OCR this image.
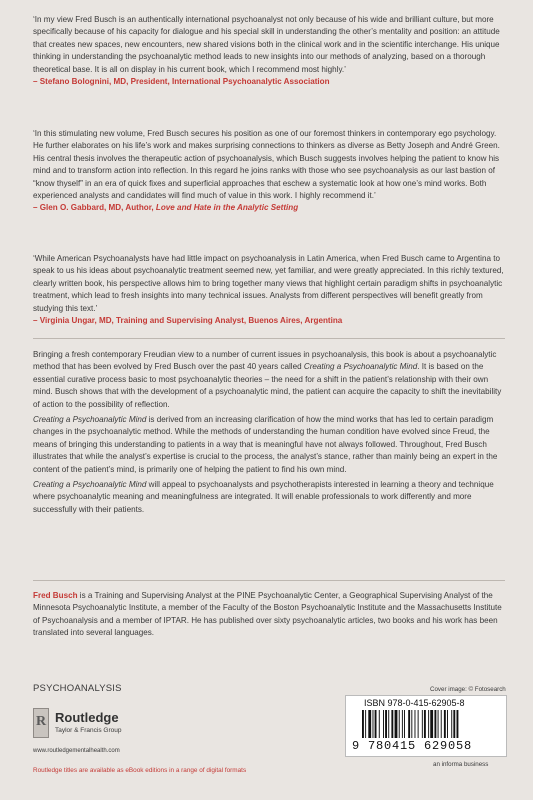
‘In my view Fred Busch is an authentically international psychoanalyst not only because of his wide and brilliant culture, but more specifically because of his capacity for dialogue and his special skill in understanding the other’s mentality and position: an attitude that creates new spaces, new encounters, new shared visions both in the clinical work and in the scientific interchange. His unique thinking in understanding the psychoanalytic method leads to new insights into our methods of analyzing, based on a thorough theoretical base. It is all on display in his current book, which I recommend most highly.’

– Stefano Bolognini, MD, President, International Psychoanalytic Association

‘In this stimulating new volume, Fred Busch secures his position as one of our foremost thinkers in contemporary ego psychology. He further elaborates on his life’s work and makes surprising connections to thinkers as diverse as Betty Joseph and André Green. His central thesis involves the therapeutic action of psychoanalysis, which Busch suggests involves helping the patient to know his mind and to transform action into reflection. In this regard he joins ranks with those who see psychoanalysis as our last bastion of “know thyself” in an era of quick fixes and superficial approaches that eschew a systematic look at how one’s mind works. Both experienced analysts and candidates will find much of value in this work. I highly recommend it.’

– Glen O. Gabbard, MD, Author, Love and Hate in the Analytic Setting

‘While American Psychoanalysts have had little impact on psychoanalysis in Latin America, when Fred Busch came to Argentina to speak to us his ideas about psychoanalytic treatment seemed new, yet familiar, and were greatly appreciated. In this richly textured, clearly written book, his perspective allows him to bring together many views that highlight certain paradigm shifts in psychoanalytic treatment, which lead to fresh insights into many technical issues. Analysts from different perspectives will benefit greatly from studying this text.’

– Virginia Ungar, MD, Training and Supervising Analyst, Buenos Aires, Argentina

Bringing a fresh contemporary Freudian view to a number of current issues in psychoanalysis, this book is about a psychoanalytic method that has been evolved by Fred Busch over the past 40 years called Creating a Psychoanalytic Mind. It is based on the essential curative process basic to most psychoanalytic theories – the need for a shift in the patient’s relationship with their own mind. Busch shows that with the development of a psychoanalytic mind, the patient can acquire the capacity to shift the inevitability of action to the possibility of reflection.

Creating a Psychoanalytic Mind is derived from an increasing clarification of how the mind works that has led to certain paradigm changes in the psychoanalytic method. While the methods of understanding the human condition have evolved since Freud, the means of bringing this understanding to patients in a way that is meaningful have not always followed. Throughout, Fred Busch illustrates that while the analyst’s expertise is crucial to the process, the analyst’s stance, rather than mainly being an expert in the content of the patient’s mind, is primarily one of helping the patient to find his own mind.

Creating a Psychoanalytic Mind will appeal to psychoanalysts and psychotherapists interested in learning a theory and technique where psychoanalytic meaning and meaningfulness are integrated. It will enable professionals to work differently and more successfully with their patients.

Fred Busch is a Training and Supervising Analyst at the PINE Psychoanalytic Center, a Geographical Supervising Analyst of the Minnesota Psychoanalytic Institute, a member of the Faculty of the Boston Psychoanalytic Institute and the Massachusetts Institute of Psychoanalysis and a member of IPTAR. He has published over sixty psychoanalytic articles, two books and his work has been translated into several languages.

PSYCHOANALYSIS
R Routledge
Taylor & Francis Group
www.routledgementalhealth.com
Routledge titles are available as eBook editions in a range of digital formats
Cover image: © Fotosearch
ISBN 978-0-415-62905-8
9 780415 629058
an informa business
